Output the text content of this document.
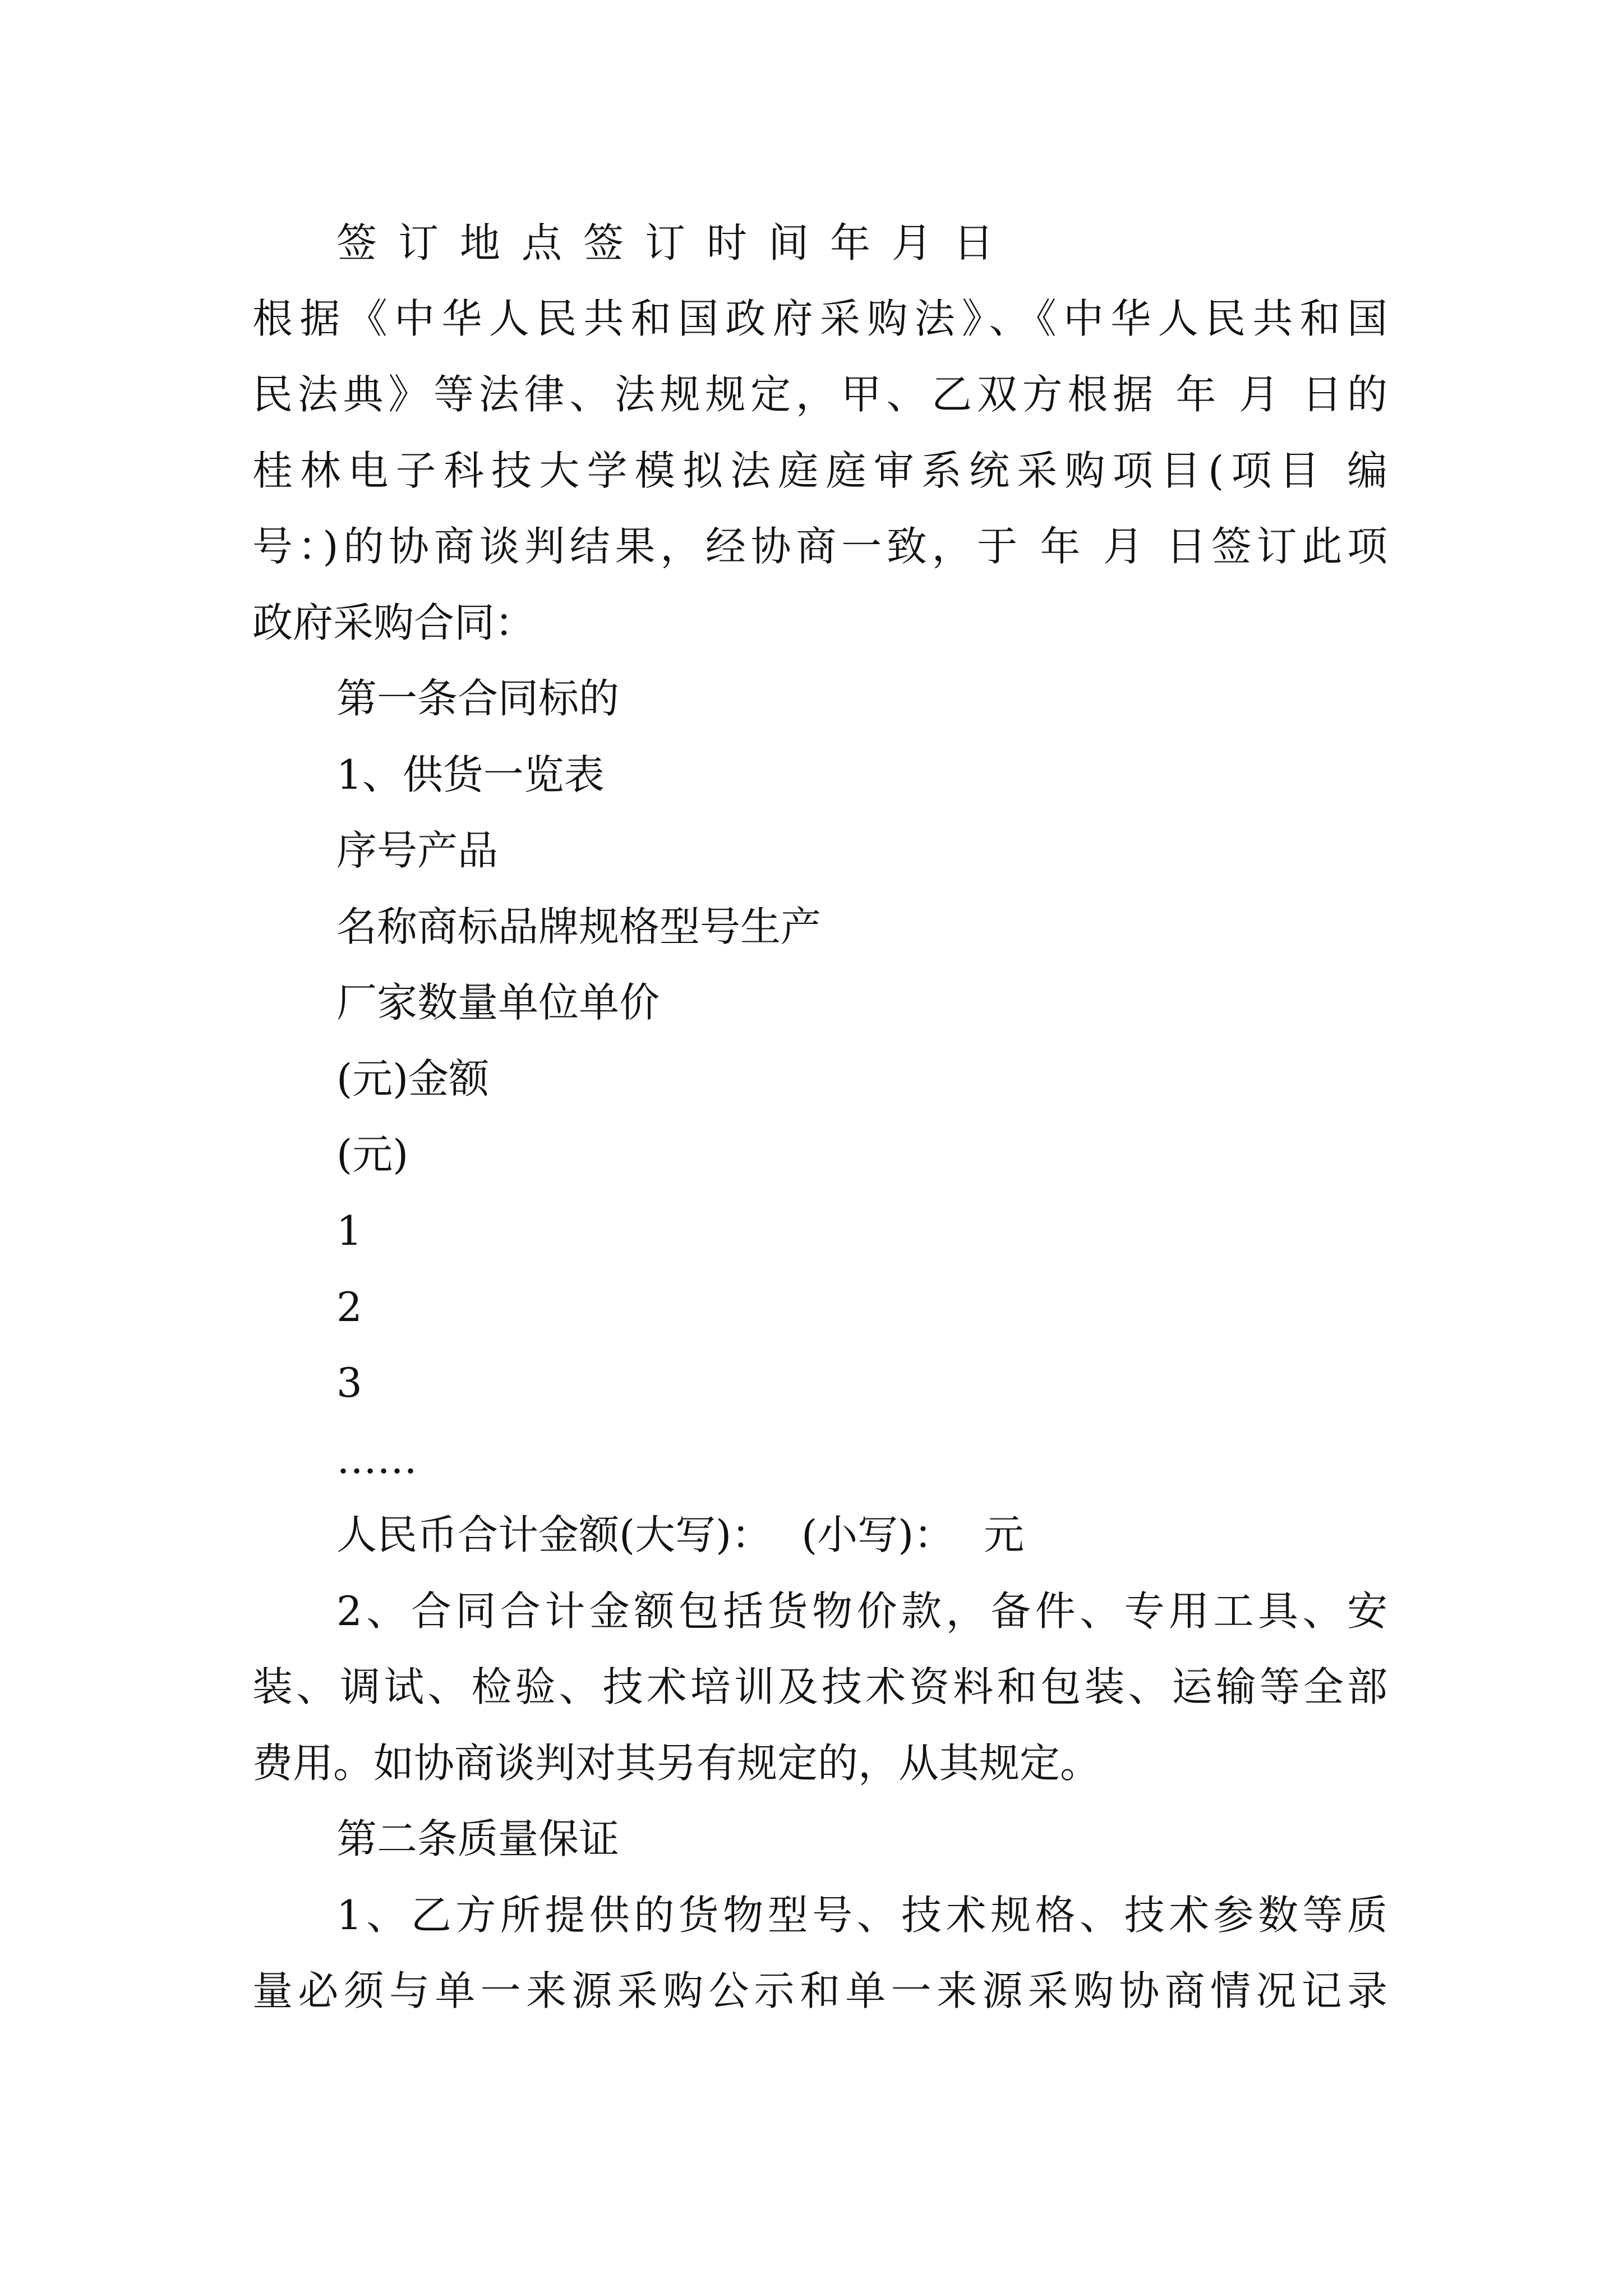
签订地点签订时间年月日
根据《中华人民共和国政府采购法》、《中华人民共和国
民法典》等法律、法规规定，甲、乙双方根据 年 月 日的
桂林电子科技大学模拟法庭庭审系统采购项目(项目 编
号：)的协商谈判结果，经协商一致，于 年 月 日签订此项
政府采购合同：
第一条合同标的
1、供货一览表
序号产品
名称商标品牌规格型号生产
厂家数量单位单价
(元)金额
(元)
1
2
3
……
人民币合计金额(大写)： (小写)： 元
2、合同合计金额包括货物价款，备件、专用工具、安
装、调试、检验、技术培训及技术资料和包装、运输等全部
费用。如协商谈判对其另有规定的，从其规定。
第二条质量保证
1、乙方所提供的货物型号、技术规格、技术参数等质
量必须与单一来源采购公示和单一来源采购协商情况记录
